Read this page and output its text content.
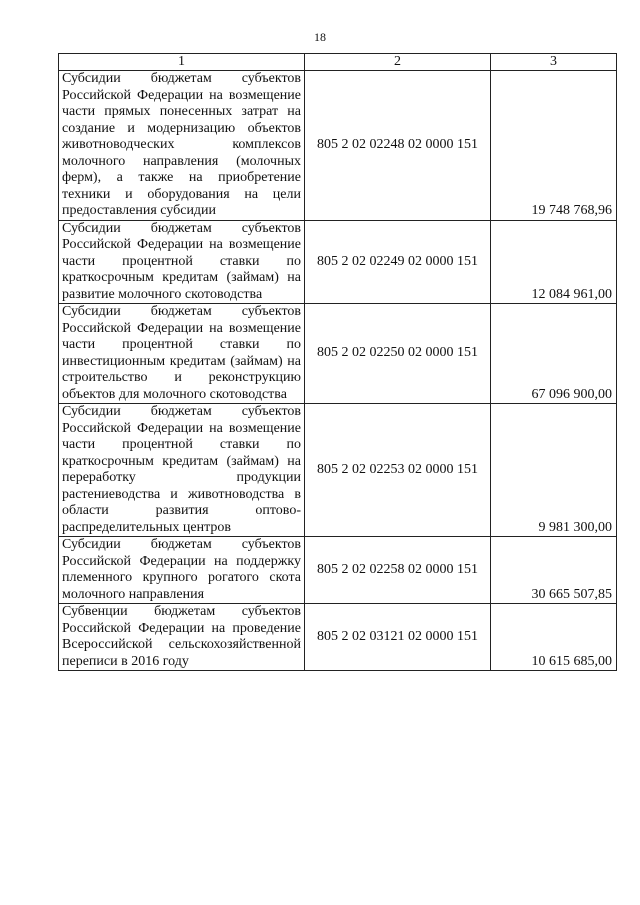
18
1	2	3
Субсидии бюджетам субъектов Российской Федерации на возмещение части прямых понесенных затрат на создание и модернизацию объектов животноводческих комплексов молочного направления (молочных ферм), а также на приобретение техники и оборудования на цели предоставления субсидии	805 2 02 02248 02 0000 151	19 748 768,96
Субсидии бюджетам субъектов Российской Федерации на возмещение части процентной ставки по краткосрочным кредитам (займам) на развитие молочного скотоводства	805 2 02 02249 02 0000 151	12 084 961,00
Субсидии бюджетам субъектов Российской Федерации на возмещение части процентной ставки по инвестиционным кредитам (займам) на строительство и реконструкцию объектов для молочного скотоводства	805 2 02 02250 02 0000 151	67 096 900,00
Субсидии бюджетам субъектов Российской Федерации на возмещение части процентной ставки по краткосрочным кредитам (займам) на переработку продукции растениеводства и животноводства в области развития оптово-распределительных центров	805 2 02 02253 02 0000 151	9 981 300,00
Субсидии бюджетам субъектов Российской Федерации на поддержку племенного крупного рогатого скота молочного направления	805 2 02 02258 02 0000 151	30 665 507,85
Субвенции бюджетам субъектов Российской Федерации на проведение Всероссийской сельскохозяйственной переписи в 2016 году	805 2 02 03121 02 0000 151	10 615 685,00
